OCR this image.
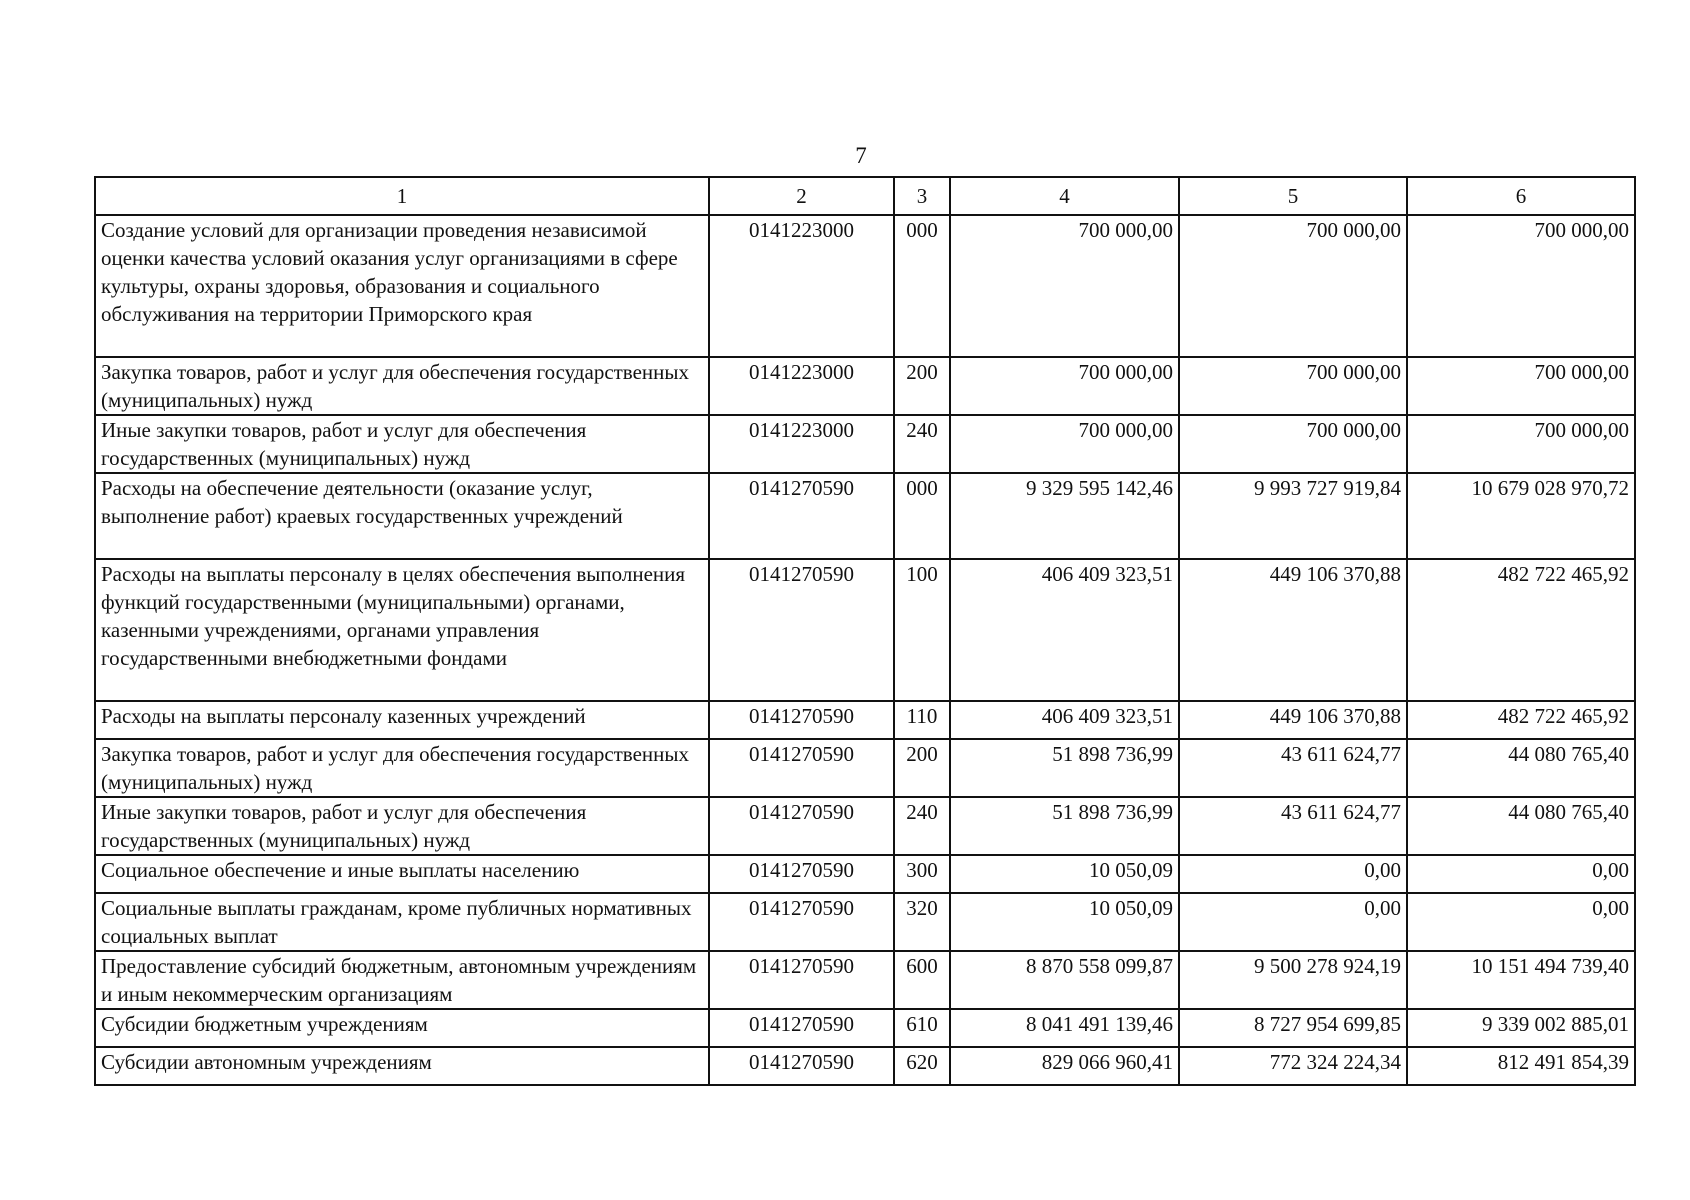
7
1	2	3	4	5	6
Создание условий для организации проведения независимой оценки качества условий оказания услуг организациями в сфере культуры, охраны здоровья, образования и социального обслуживания на территории Приморского края	0141223000	000	700 000,00	700 000,00	700 000,00
Закупка товаров, работ и услуг для обеспечения государственных (муниципальных) нужд	0141223000	200	700 000,00	700 000,00	700 000,00
Иные закупки товаров, работ и услуг для обеспечения государственных (муниципальных) нужд	0141223000	240	700 000,00	700 000,00	700 000,00
Расходы на обеспечение деятельности (оказание услуг, выполнение работ) краевых государственных учреждений	0141270590	000	9 329 595 142,46	9 993 727 919,84	10 679 028 970,72
Расходы на выплаты персоналу в целях обеспечения выполнения функций государственными (муниципальными) органами, казенными учреждениями, органами управления государственными внебюджетными фондами	0141270590	100	406 409 323,51	449 106 370,88	482 722 465,92
Расходы на выплаты персоналу казенных учреждений	0141270590	110	406 409 323,51	449 106 370,88	482 722 465,92
Закупка товаров, работ и услуг для обеспечения государственных (муниципальных) нужд	0141270590	200	51 898 736,99	43 611 624,77	44 080 765,40
Иные закупки товаров, работ и услуг для обеспечения государственных (муниципальных) нужд	0141270590	240	51 898 736,99	43 611 624,77	44 080 765,40
Социальное обеспечение и иные выплаты населению	0141270590	300	10 050,09	0,00	0,00
Социальные выплаты гражданам, кроме публичных нормативных социальных выплат	0141270590	320	10 050,09	0,00	0,00
Предоставление субсидий бюджетным, автономным учреждениям и иным некоммерческим организациям	0141270590	600	8 870 558 099,87	9 500 278 924,19	10 151 494 739,40
Субсидии бюджетным учреждениям	0141270590	610	8 041 491 139,46	8 727 954 699,85	9 339 002 885,01
Субсидии автономным учреждениям	0141270590	620	829 066 960,41	772 324 224,34	812 491 854,39
